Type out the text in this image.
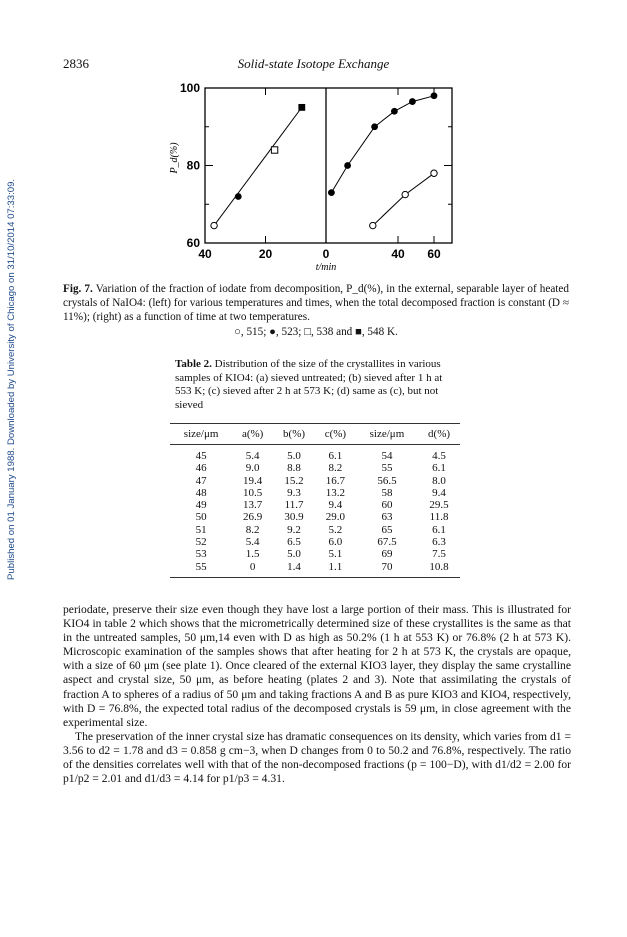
Published on 01 January 1988. Downloaded by University of Chicago on 31/10/2014 07:33:09.
2836	Solid-state Isotope Exchange
100
80
60
P_d(%)
40	20	0	40 60
t/min
Fig. 7. Variation of the fraction of iodate from decomposition, P_d(%), in the external, separable layer of heated crystals of NaIO4: (left) for various temperatures and times, when the total decomposed fraction is constant (D ≈ 11%); (right) as a function of time at two temperatures.
○, 515; ●, 523; □, 538 and ■, 548 K.
Table 2. Distribution of the size of the crystallites in various samples of KIO4: (a) sieved untreated; (b) sieved after 1 h at 553 K; (c) sieved after 2 h at 573 K; (d) same as (c), but not sieved
size/μm	a(%)	b(%)	c(%)	size/μm	d(%)
45	5.4	5.0	6.1	54	4.5
46	9.0	8.8	8.2	55	6.1
47	19.4	15.2	16.7	56.5	8.0
48	10.5	9.3	13.2	58	9.4
49	13.7	11.7	9.4	60	29.5
50	26.9	30.9	29.0	63	11.8
51	8.2	9.2	5.2	65	6.1
52	5.4	6.5	6.0	67.5	6.3
53	1.5	5.0	5.1	69	7.5
55	0	1.4	1.1	70	10.8

periodate, preserve their size even though they have lost a large portion of their mass. This is illustrated for KIO4 in table 2 which shows that the micrometrically determined size of these crystallites is the same as that in the untreated samples, 50 μm,14 even with D as high as 50.2% (1 h at 553 K) or 76.8% (2 h at 573 K). Microscopic examination of the samples shows that after heating for 2 h at 573 K, the crystals are opaque, with a size of 60 μm (see plate 1). Once cleared of the external KIO3 layer, they display the same crystalline aspect and crystal size, 50 μm, as before heating (plates 2 and 3). Note that assimilating the crystals of fraction A to spheres of a radius of 50 μm and taking fractions A and B as pure KIO3 and KIO4, respectively, with D = 76.8%, the expected total radius of the decomposed crystals is 59 μm, in close agreement with the experimental size.

The preservation of the inner crystal size has dramatic consequences on its density, which varies from d1 = 3.56 to d2 = 1.78 and d3 = 0.858 g cm−3, when D changes from 0 to 50.2 and 76.8%, respectively. The ratio of the densities correlates well with that of the non-decomposed fractions (p = 100−D), with d1/d2 = 2.00 for p1/p2 = 2.01 and d1/d3 = 4.14 for p1/p3 = 4.31.
